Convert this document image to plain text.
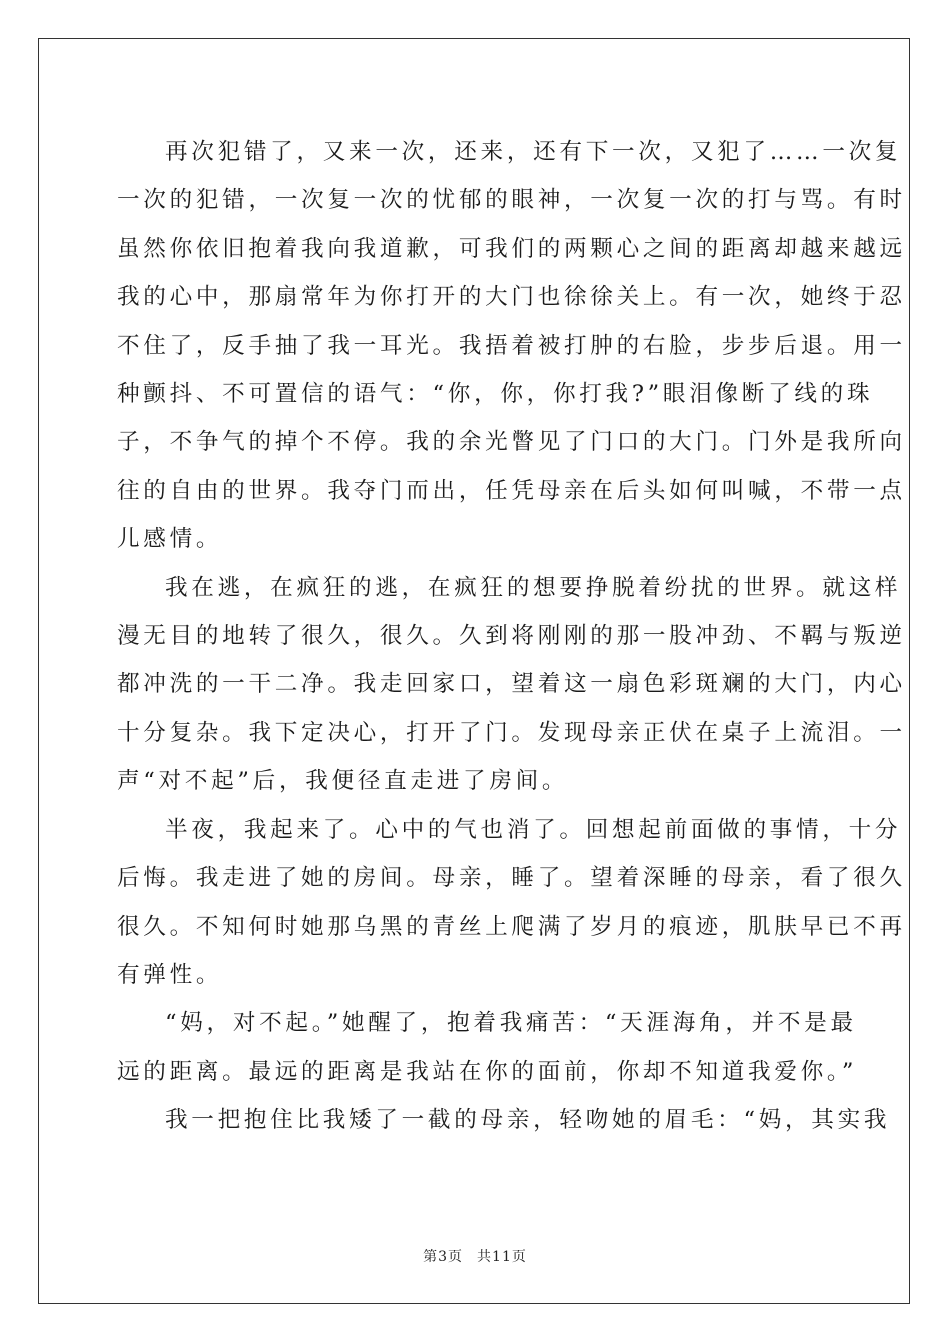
再次犯错了，又来一次，还来，还有下一次，又犯了……一次复
一次的犯错，一次复一次的忧郁的眼神，一次复一次的打与骂。有时
虽然你依旧抱着我向我道歉，可我们的两颗心之间的距离却越来越远
我的心中，那扇常年为你打开的大门也徐徐关上。有一次，她终于忍
不住了，反手抽了我一耳光。我捂着被打肿的右脸，步步后退。用一
种颤抖、不可置信的语气：“你，你，你打我?”眼泪像断了线的珠
子，不争气的掉个不停。我的余光瞥见了门口的大门。门外是我所向
往的自由的世界。我夺门而出，任凭母亲在后头如何叫喊，不带一点
儿感情。

我在逃，在疯狂的逃，在疯狂的想要挣脱着纷扰的世界。就这样
漫无目的地转了很久，很久。久到将刚刚的那一股冲劲、不羁与叛逆
都冲洗的一干二净。我走回家口，望着这一扇色彩斑斓的大门，内心
十分复杂。我下定决心，打开了门。发现母亲正伏在桌子上流泪。一
声“对不起”后，我便径直走进了房间。

半夜，我起来了。心中的气也消了。回想起前面做的事情，十分
后悔。我走进了她的房间。母亲，睡了。望着深睡的母亲，看了很久
很久。不知何时她那乌黑的青丝上爬满了岁月的痕迹，肌肤早已不再
有弹性。

“妈，对不起。”她醒了，抱着我痛苦：“天涯海角，并不是最
远的距离。最远的距离是我站在你的面前，你却不知道我爱你。”

我一把抱住比我矮了一截的母亲，轻吻她的眉毛：“妈，其实我

第3页 共11页
